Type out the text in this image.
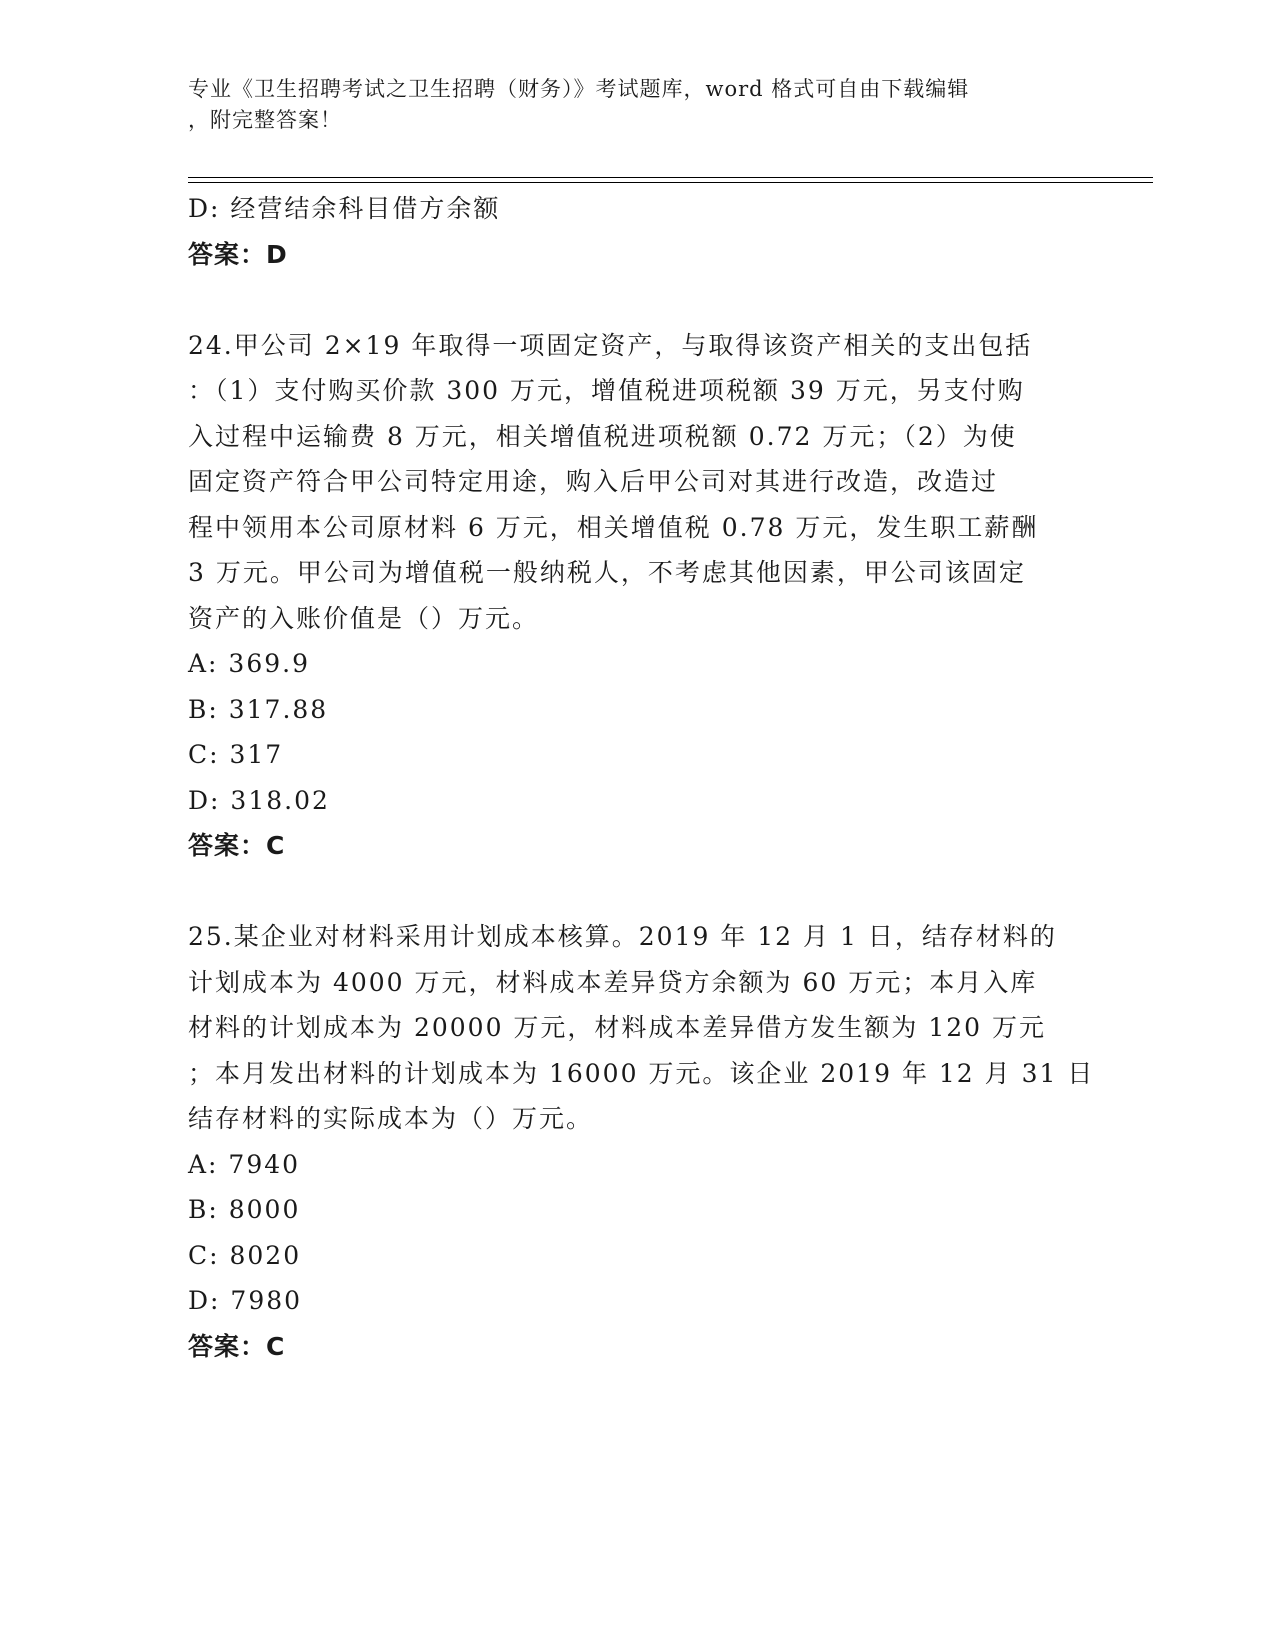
专业《卫生招聘考试之卫生招聘（财务）》考试题库，word 格式可自由下载编辑
，附完整答案！
D: 经营结余科目借方余额
答案：D
24.甲公司 2×19 年取得一项固定资产，与取得该资产相关的支出包括
：（1）支付购买价款 300 万元，增值税进项税额 39 万元，另支付购
入过程中运输费 8 万元，相关增值税进项税额 0.72 万元；（2）为使
固定资产符合甲公司特定用途，购入后甲公司对其进行改造，改造过
程中领用本公司原材料 6 万元，相关增值税 0.78 万元，发生职工薪酬
3 万元。甲公司为增值税一般纳税人，不考虑其他因素，甲公司该固定
资产的入账价值是（）万元。
A: 369.9
B: 317.88
C: 317
D: 318.02
答案：C
25.某企业对材料采用计划成本核算。2019 年 12 月 1 日，结存材料的
计划成本为 4000 万元，材料成本差异贷方余额为 60 万元；本月入库
材料的计划成本为 20000 万元，材料成本差异借方发生额为 120 万元
；本月发出材料的计划成本为 16000 万元。该企业 2019 年 12 月 31 日
结存材料的实际成本为（）万元。
A: 7940
B: 8000
C: 8020
D: 7980
答案：C
